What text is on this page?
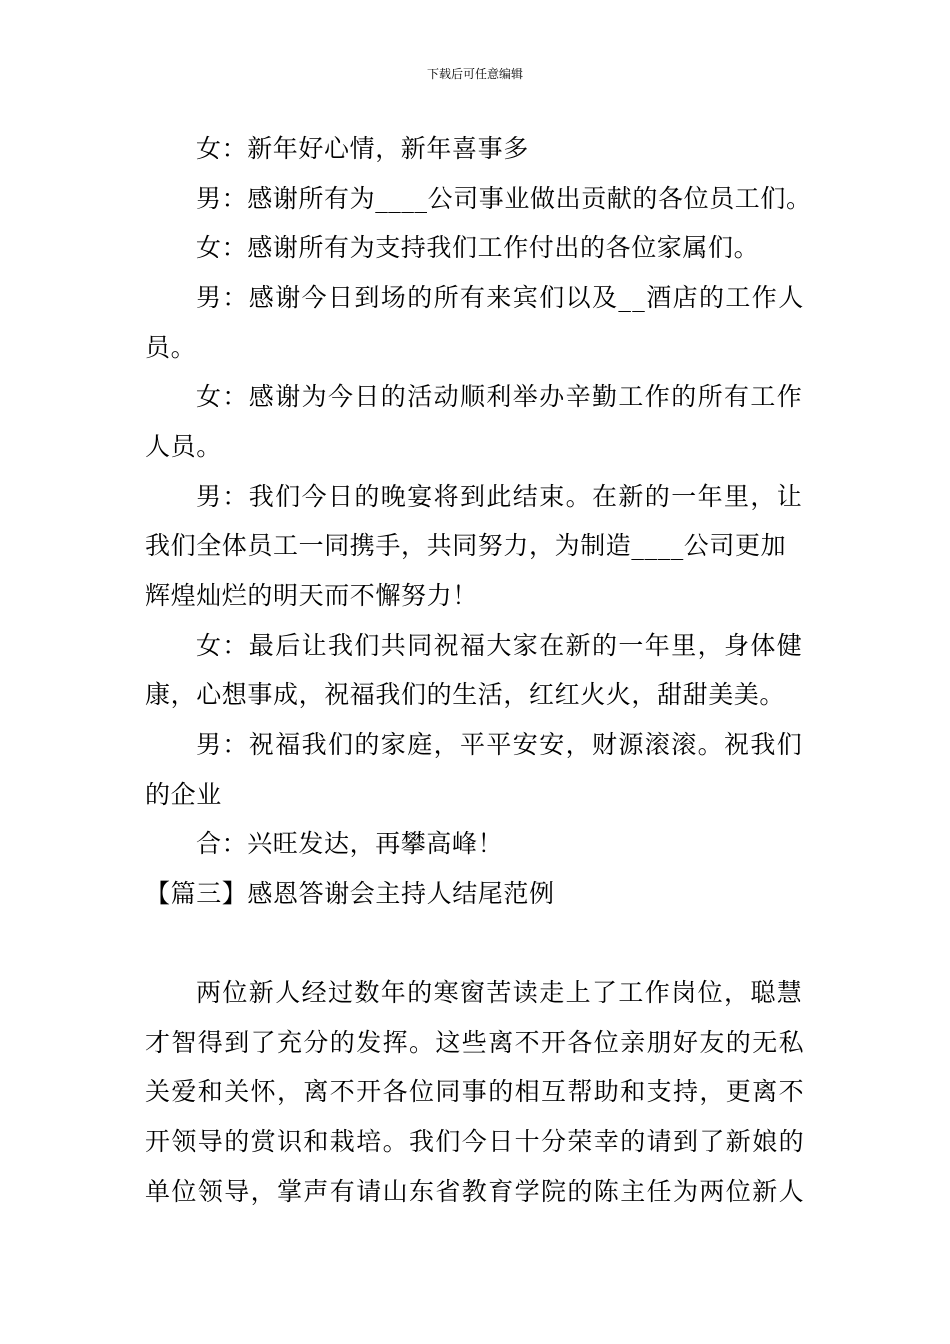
下载后可任意编辑
女：新年好心情，新年喜事多
男：感谢所有为____公司事业做出贡献的各位员工们。
女：感谢所有为支持我们工作付出的各位家属们。
男：感谢今日到场的所有来宾们以及__酒店的工作人
员。
女：感谢为今日的活动顺利举办辛勤工作的所有工作
人员。
男：我们今日的晚宴将到此结束。在新的一年里，让
我们全体员工一同携手，共同努力，为制造____公司更加
辉煌灿烂的明天而不懈努力！
女：最后让我们共同祝福大家在新的一年里，身体健
康，心想事成，祝福我们的生活，红红火火，甜甜美美。
男：祝福我们的家庭，平平安安，财源滚滚。祝我们
的企业
合：兴旺发达，再攀高峰！
【篇三】感恩答谢会主持人结尾范例
两位新人经过数年的寒窗苦读走上了工作岗位，聪慧
才智得到了充分的发挥。这些离不开各位亲朋好友的无私
关爱和关怀，离不开各位同事的相互帮助和支持，更离不
开领导的赏识和栽培。我们今日十分荣幸的请到了新娘的
单位领导，掌声有请山东省教育学院的陈主任为两位新人
